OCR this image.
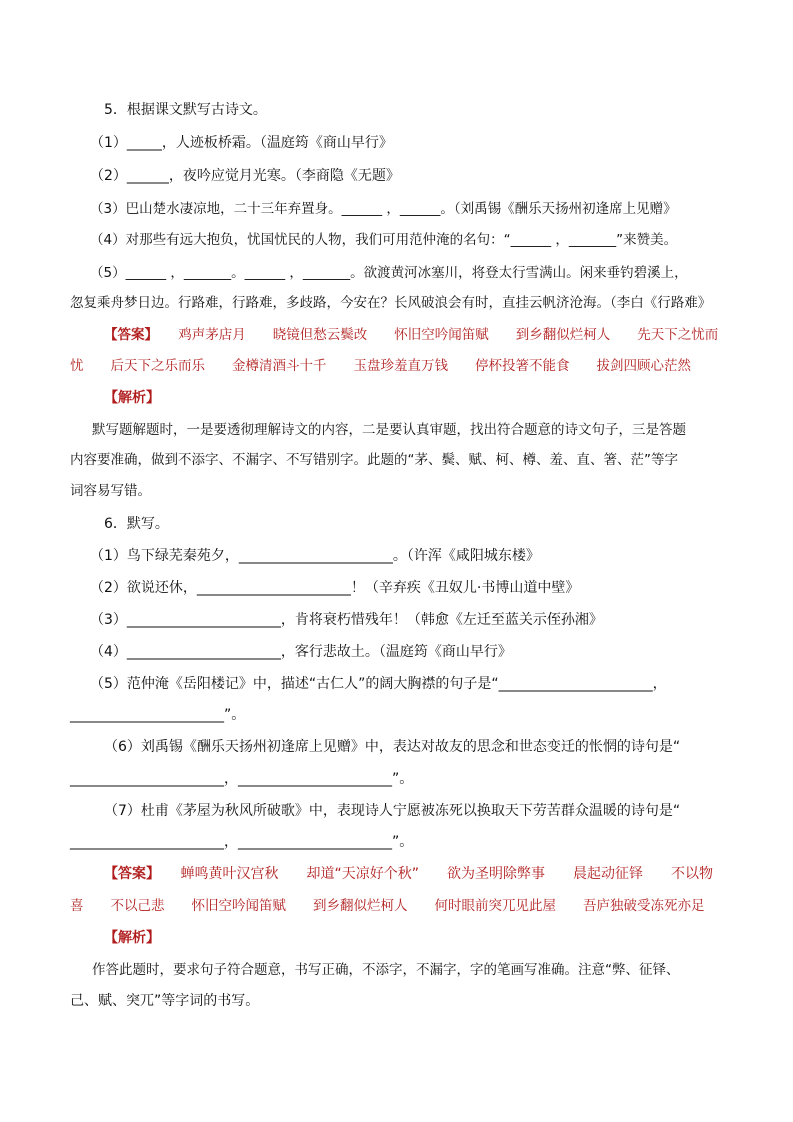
5．根据课文默写古诗文。
（1）_____，人迹板桥霜。（温庭筠《商山早行》
（2）______，夜吟应觉月光寒。（李商隐《无题》
（3）巴山楚水凄凉地，二十三年弃置身。______ ，______。（刘禹锡《酬乐天扬州初逢席上见赠》
（4）对那些有远大抱负，忧国忧民的人物，我们可用范仲淹的名句：“______ ，_______”来赞美。
（5）______ ，_______。______ ，_______。欲渡黄河冰塞川，将登太行雪满山。闲来垂钓碧溪上，
忽复乘舟梦日边。行路难，行路难，多歧路，今安在？长风破浪会有时，直挂云帆济沧海。（李白《行路难》
【答案】 鸡声茅店月　　晓镜但愁云鬓改　　怀旧空吟闻笛赋　　到乡翻似烂柯人　　先天下之忧而
忧　　后天下之乐而乐　　金樽清酒斗十千　　玉盘珍羞直万钱　　停杯投箸不能食　　拔剑四顾心茫然
【解析】
默写题解题时，一是要透彻理解诗文的内容，二是要认真审题，找出符合题意的诗文句子，三是答题
内容要准确，做到不添字、不漏字、不写错别字。此题的“茅、鬓、赋、柯、樽、羞、直、箸、茫”等字
词容易写错。
6．默写。
（1）鸟下绿芜秦苑夕，______________________。（许浑《咸阳城东楼》
（2）欲说还休，______________________！（辛弃疾《丑奴儿·书博山道中壁》
（3）______________________，肯将衰朽惜残年！（韩愈《左迁至蓝关示侄孙湘》
（4）______________________，客行悲故土。（温庭筠《商山早行》
（5）范仲淹《岳阳楼记》中，描述“古仁人”的阔大胸襟的句子是“______________________，
______________________”。
（6）刘禹锡《酬乐天扬州初逢席上见赠》中，表达对故友的思念和世态变迁的怅惘的诗句是“
______________________，______________________”。
（7）杜甫《茅屋为秋风所破歌》中，表现诗人宁愿被冻死以换取天下劳苦群众温暖的诗句是“
______________________，______________________”。
【答案】 蝉鸣黄叶汉宫秋　　却道“天凉好个秋”　　欲为圣明除弊事　　晨起动征铎　　不以物
喜　　不以己悲　　怀旧空吟闻笛赋　　到乡翻似烂柯人　　何时眼前突兀见此屋　　吾庐独破受冻死亦足
【解析】
作答此题时，要求句子符合题意，书写正确，不添字，不漏字，字的笔画写准确。注意“弊、征铎、
己、赋、突兀”等字词的书写。
